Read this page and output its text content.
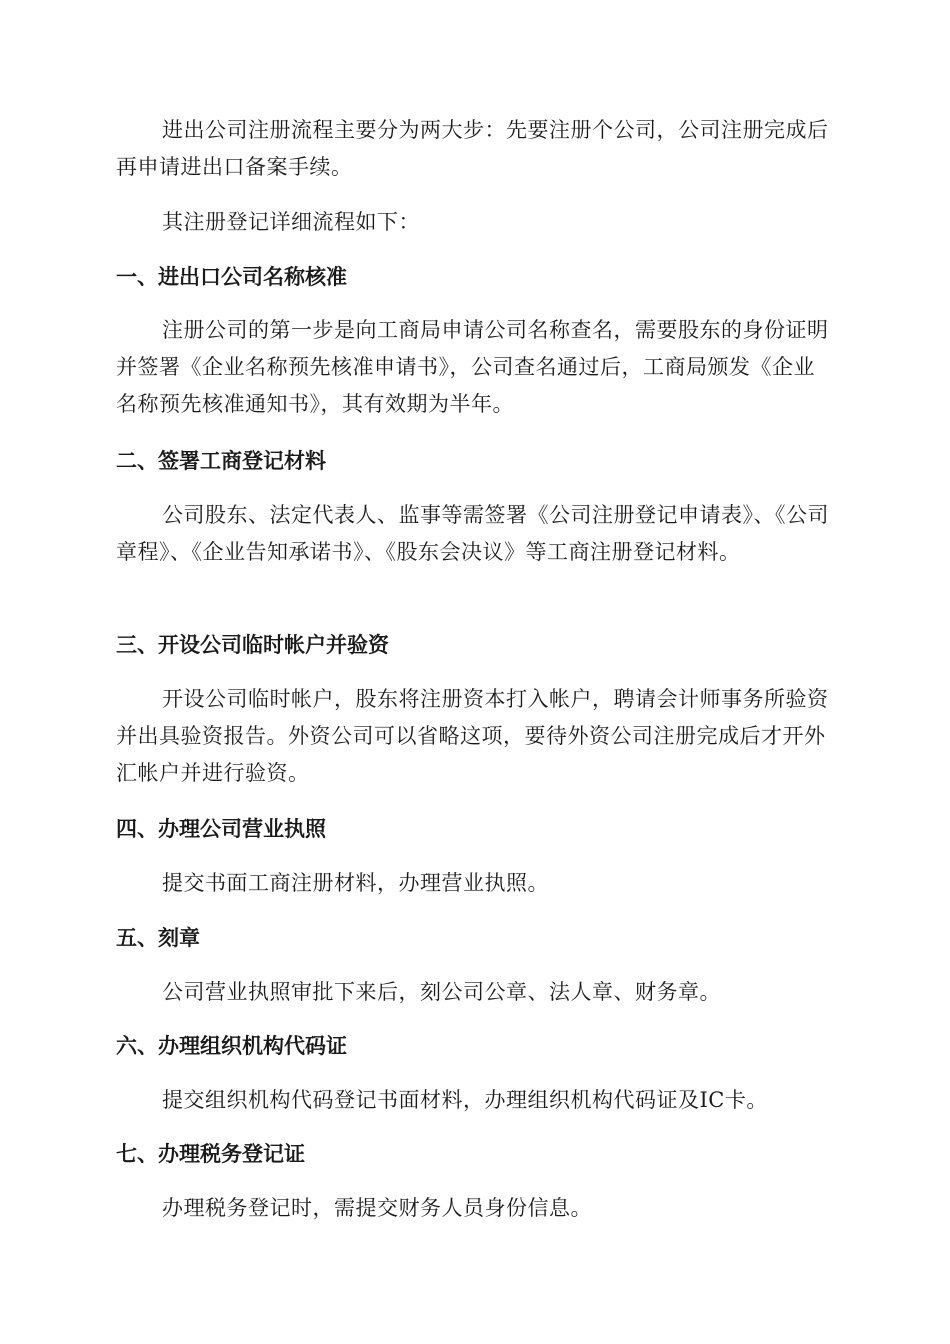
进出公司注册流程主要分为两大步：先要注册个公司，公司注册完成后再申请进出口备案手续。

其注册登记详细流程如下：

一、进出口公司名称核准

注册公司的第一步是向工商局申请公司名称查名，需要股东的身份证明并签署《企业名称预先核准申请书》，公司查名通过后，工商局颁发《企业名称预先核准通知书》，其有效期为半年。

二、签署工商登记材料

公司股东、法定代表人、监事等需签署《公司注册登记申请表》、《公司章程》、《企业告知承诺书》、《股东会决议》等工商注册登记材料。

三、开设公司临时帐户并验资

开设公司临时帐户，股东将注册资本打入帐户，聘请会计师事务所验资并出具验资报告。外资公司可以省略这项，要待外资公司注册完成后才开外汇帐户并进行验资。

四、办理公司营业执照

提交书面工商注册材料，办理营业执照。

五、刻章

公司营业执照审批下来后，刻公司公章、法人章、财务章。

六、办理组织机构代码证

提交组织机构代码登记书面材料，办理组织机构代码证及IC卡。

七、办理税务登记证

办理税务登记时，需提交财务人员身份信息。
